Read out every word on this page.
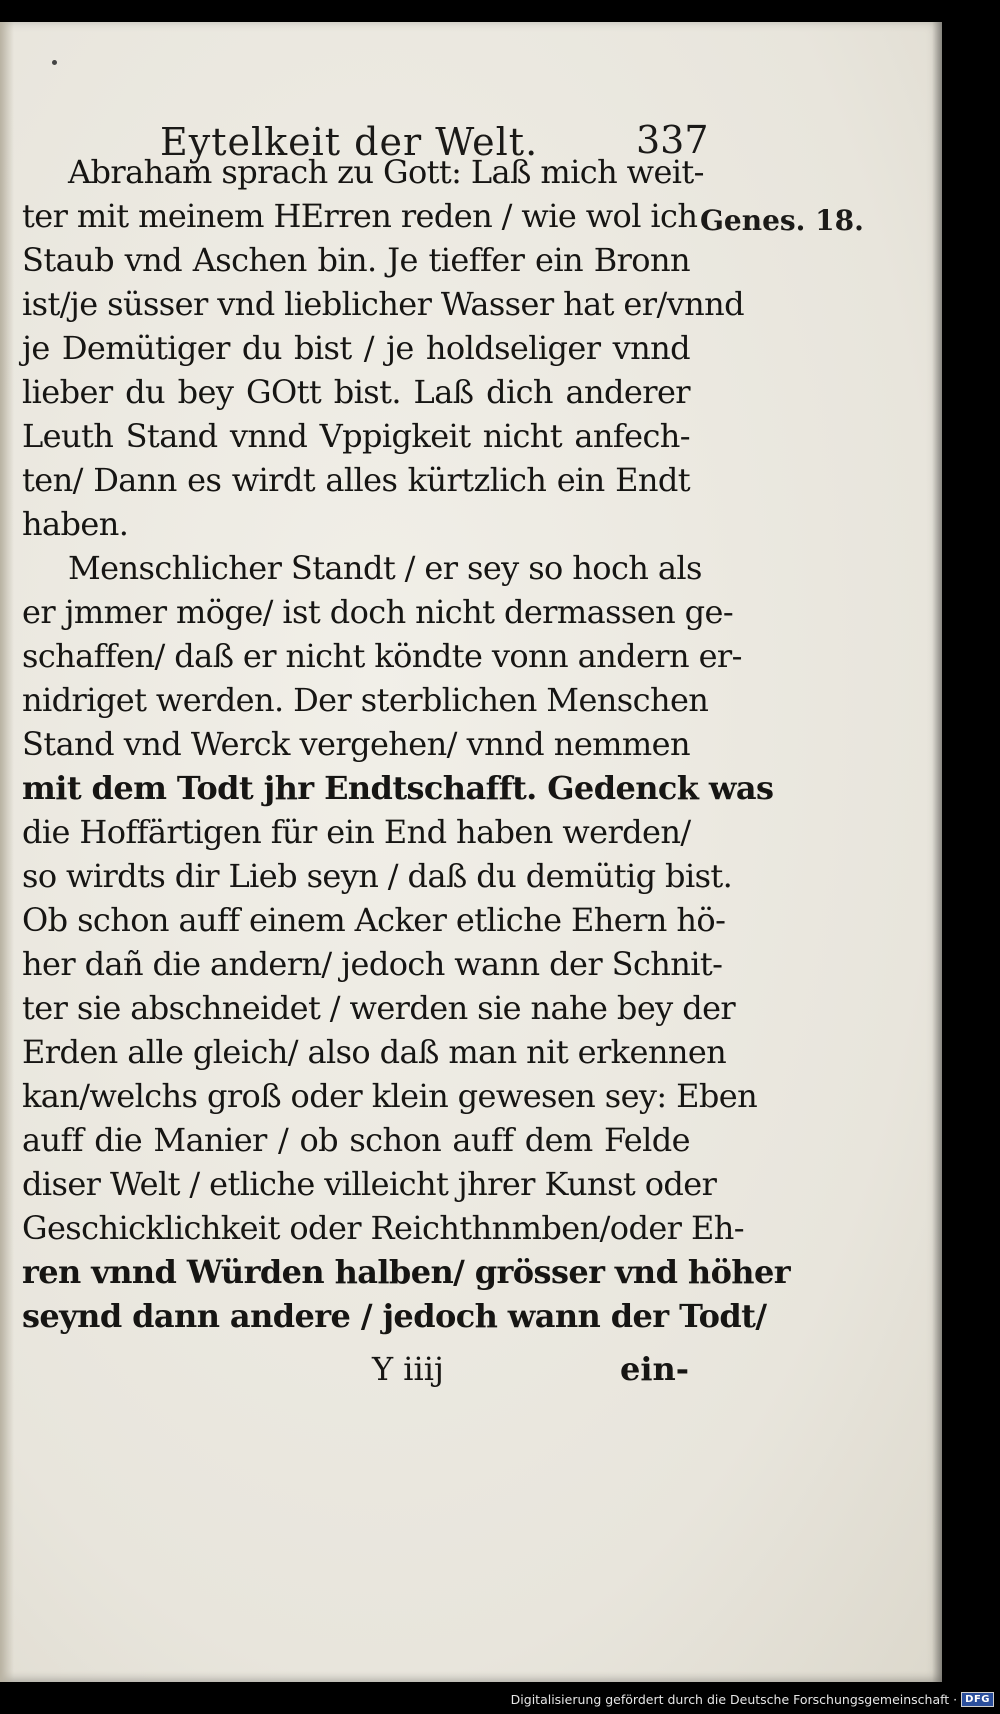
Eytelkeit der Welt.	337
Genes. 18.
Abraham sprach zu Gott: Laß mich weit-
ter mit meinem HErren reden / wie wol ich
Staub vnd Aschen bin. Je tieffer ein Bronn
ist/je süsser vnd lieblicher Wasser hat er/vnnd
je Demütiger du bist / je holdseliger vnnd
lieber du bey GOtt bist. Laß dich anderer
Leuth Stand vnnd Vppigkeit nicht anfech-
ten/ Dann es wirdt alles kürtzlich ein Endt
haben.
Menschlicher Standt / er sey so hoch als
er jmmer möge/ ist doch nicht dermassen ge-
schaffen/ daß er nicht köndte vonn andern er-
nidriget werden. Der sterblichen Menschen
Stand vnd Werck vergehen/ vnnd nemmen
mit dem Todt jhr Endtschafft. Gedenck was
die Hoffärtigen für ein End haben werden/
so wirdts dir Lieb seyn / daß du demütig bist.
Ob schon auff einem Acker etliche Ehern hö-
her dañ die andern/ jedoch wann der Schnit-
ter sie abschneidet / werden sie nahe bey der
Erden alle gleich/ also daß man nit erkennen
kan/welchs groß oder klein gewesen sey: Eben
auff die Manier / ob schon auff dem Felde
diser Welt / etliche villeicht jhrer Kunst oder
Geschicklichkeit oder Reichthnmben/oder Eh-
ren vnnd Würden halben/ grösser vnd höher
seynd dann andere / jedoch wann der Todt/
Y iiij	ein-
Digitalisierung gefördert durch die Deutsche Forschungsgemeinschaft · DFG
